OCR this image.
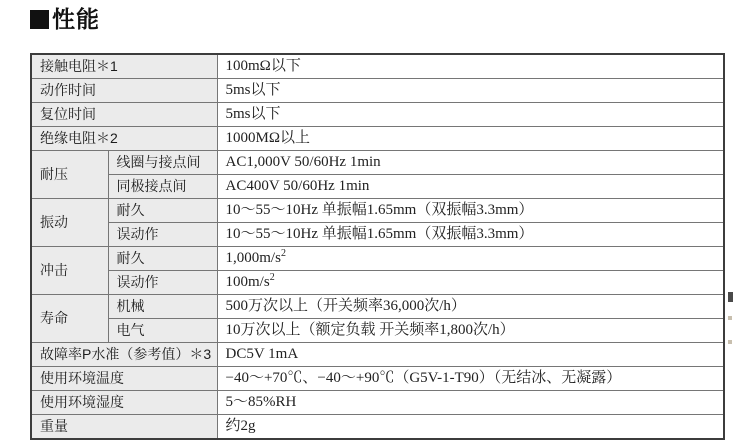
性能
接触电阻＊1		100mΩ以下
动作时间		5ms以下
复位时间		5ms以下
绝缘电阻＊2		1000MΩ以上
耐压	线圈与接点间	AC1,000V 50/60Hz 1min
	同极接点间	AC400V 50/60Hz 1min
振动	耐久	10～55～10Hz 单振幅1.65mm（双振幅3.3mm）
	误动作	10～55～10Hz 单振幅1.65mm（双振幅3.3mm）
冲击	耐久	$1,000m/s^2$
	误动作	$100m/s^2$
寿命	机械	500万次以上（开关频率36,000次/h）
	电气	10万次以上（额定负载 开关频率1,800次/h）
故障率P水准（参考值）＊3		DC5V 1mA
使用环境温度		−40～+70℃、−40～+90℃（G5V-1-T90）（无结冰、无凝露）
使用环境湿度		5～85%RH
重量		约2g
